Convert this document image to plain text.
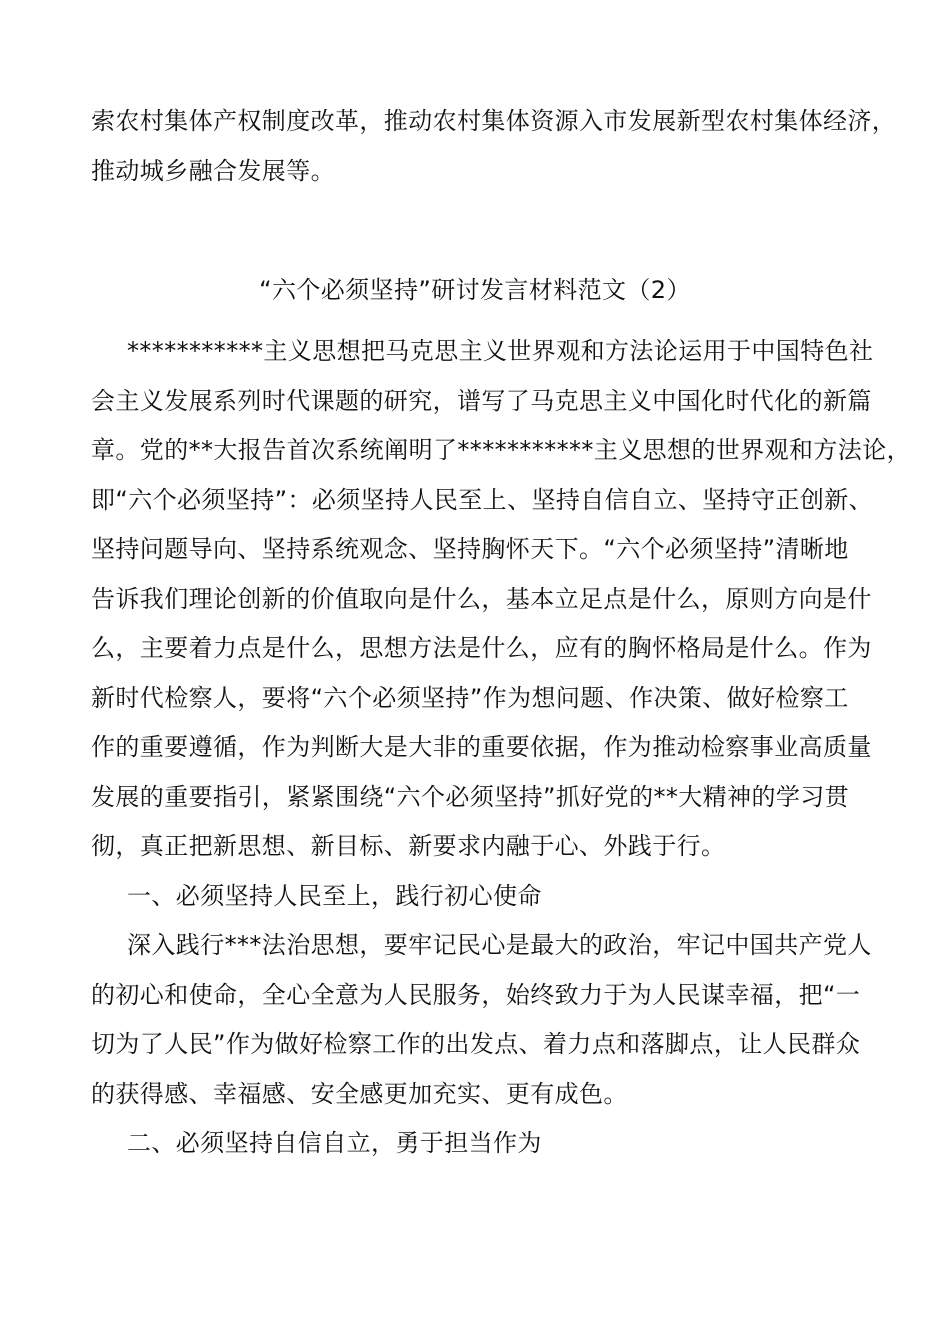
索农村集体产权制度改革，推动农村集体资源入市发展新型农村集体经济，
推动城乡融合发展等。
“六个必须坚持”研讨发言材料范文（2）
***********主义思想把马克思主义世界观和方法论运用于中国特色社
会主义发展系列时代课题的研究，谱写了马克思主义中国化时代化的新篇
章。党的**大报告首次系统阐明了***********主义思想的世界观和方法论，
即“六个必须坚持”：必须坚持人民至上、坚持自信自立、坚持守正创新、
坚持问题导向、坚持系统观念、坚持胸怀天下。“六个必须坚持”清晰地
告诉我们理论创新的价值取向是什么，基本立足点是什么，原则方向是什
么，主要着力点是什么，思想方法是什么，应有的胸怀格局是什么。作为
新时代检察人，要将“六个必须坚持”作为想问题、作决策、做好检察工
作的重要遵循，作为判断大是大非的重要依据，作为推动检察事业高质量
发展的重要指引，紧紧围绕“六个必须坚持”抓好党的**大精神的学习贯
彻，真正把新思想、新目标、新要求内融于心、外践于行。
一、必须坚持人民至上，践行初心使命
深入践行***法治思想，要牢记民心是最大的政治，牢记中国共产党人
的初心和使命，全心全意为人民服务，始终致力于为人民谋幸福，把“一
切为了人民”作为做好检察工作的出发点、着力点和落脚点，让人民群众
的获得感、幸福感、安全感更加充实、更有成色。
二、必须坚持自信自立，勇于担当作为
